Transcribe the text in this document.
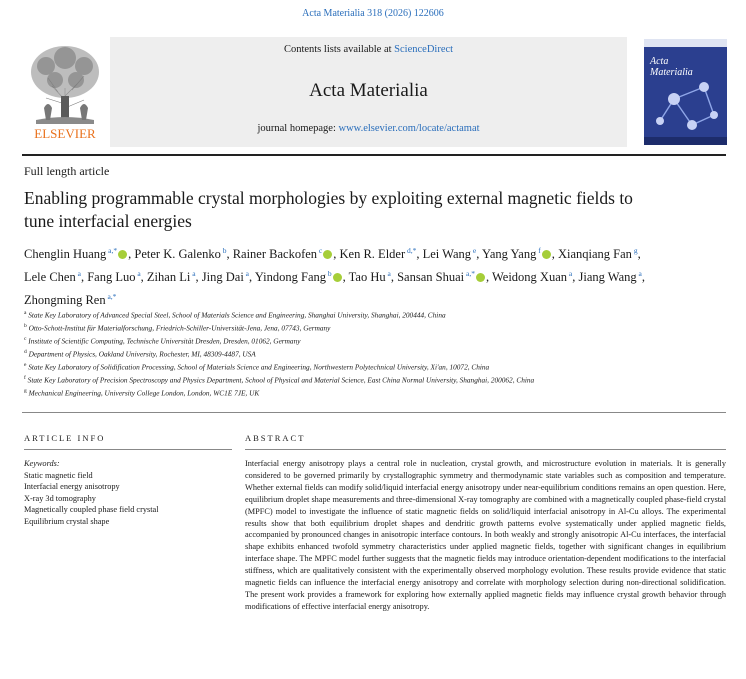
Acta Materialia 318 (2026) 122606
Contents lists available at ScienceDirect
Acta Materialia
journal homepage: www.elsevier.com/locate/actamat
ELSEVIER
Acta
Materialia
Full length article
Enabling programmable crystal morphologies by exploiting external magnetic fields to tune interfacial energies
Chenglin Huang $^{a,*}$ , Peter K. Galenko $^b$, Rainer Backofen $^c$ , Ken R. Elder $^{d,*}$, Lei Wang $^e$, Yang Yang $^f$ , Xianqiang Fan $^g$, Lele Chen $^a$, Fang Luo $^a$, Zihan Li $^a$, Jing Dai $^a$, Yindong Fang $^b$ , Tao Hu $^a$, Sansan Shuai $^{a,*}$ , Weidong Xuan $^a$, Jiang Wang $^a$, Zhongming Ren $^{a,*}$
$^a$ State Key Laboratory of Advanced Special Steel, School of Materials Science and Engineering, Shanghai University, Shanghai, 200444, China
$^b$ Otto-Schott-Institut für Materialforschung, Friedrich-Schiller-Universität-Jena, Jena, 07743, Germany
$^c$ Institute of Scientific Computing, Technische Universität Dresden, Dresden, 01062, Germany
$^d$ Department of Physics, Oakland University, Rochester, MI, 48309-4487, USA
$^e$ State Key Laboratory of Solidification Processing, School of Materials Science and Engineering, Northwestern Polytechnical University, Xi'an, 10072, China
$^f$ State Key Laboratory of Precision Spectroscopy and Physics Department, School of Physical and Material Science, East China Normal University, Shanghai, 200062, China
$^g$ Mechanical Engineering, University College London, London, WC1E 7JE, UK
ARTICLE INFO
Keywords:
Static magnetic field
Interfacial energy anisotropy
X-ray 3d tomography
Magnetically coupled phase field crystal
Equilibrium crystal shape
ABSTRACT
Interfacial energy anisotropy plays a central role in nucleation, crystal growth, and microstructure evolution in materials. It is generally considered to be governed primarily by crystallographic symmetry and thermodynamic state variables such as composition and temperature. Whether external fields can modify solid/liquid interfacial energy anisotropy under near-equilibrium conditions remains an open question. Here, equilibrium droplet shape measurements and three-dimensional X-ray tomography are combined with a magnetically coupled phase-field crystal (MPFC) model to investigate the influence of static magnetic fields on solid/liquid interfacial anisotropy in Al-Cu alloys. The experimental results show that both equilibrium droplet shapes and dendritic growth patterns evolve systematically under applied magnetic fields, accompanied by pronounced changes in anisotropic interface contours. In both weakly and strongly anisotropic Al-Cu interfaces, the interfacial shape exhibits enhanced twofold symmetry characteristics under applied magnetic fields, together with significant changes in equilibrium interface shape. The MPFC model further suggests that the magnetic fields may introduce orientation-dependent modifications to the interfacial stiffness, which are qualitatively consistent with the experimentally observed morphology evolution. These results provide evidence that static magnetic fields can influence the interfacial energy anisotropy and correlate with morphology selection during non-directional solidification. The present work provides a framework for exploring how externally applied magnetic fields may influence crystal growth behavior through modifications of effective interfacial energy anisotropy.
